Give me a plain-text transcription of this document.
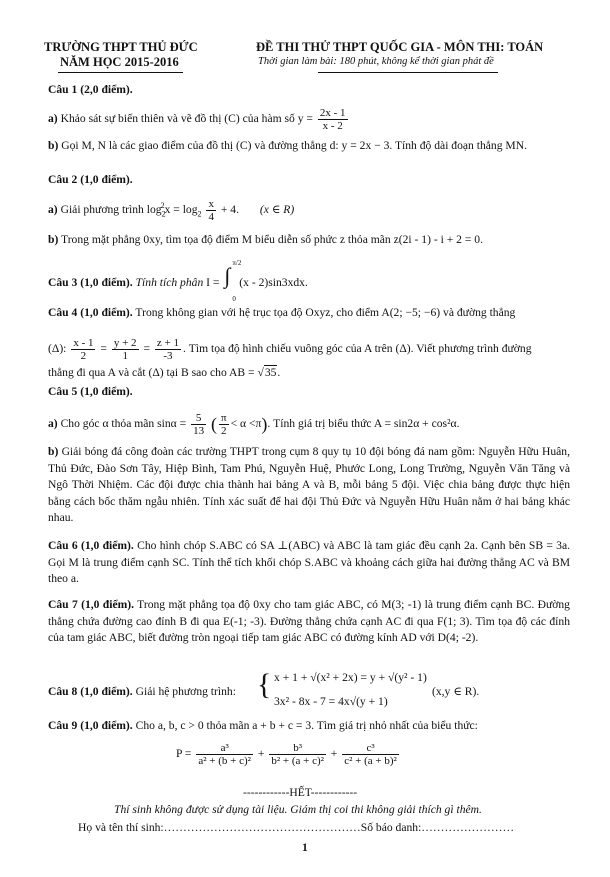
TRƯỜNG THPT THỦ ĐỨC
NĂM HỌC 2015-2016
ĐỀ THI THỬ THPT QUỐC GIA - MÔN THI: TOÁN
Thời gian làm bài: 180 phút, không kể thời gian phát đề
Câu 1 (2,0 điểm).
a) Khảo sát sự biến thiên và vẽ đồ thị (C) của hàm số $y = \frac{2x - 1}{x - 2}$
b) Gọi M, N là các giao điểm của đồ thị (C) và đường thẳng d: y = 2x − 3. Tính độ dài đoạn thẳng MN.
Câu 2 (1,0 điểm).
a) Giải phương trình $\log_2^2x = \log_2 \frac{x}{4} + 4$. (x ∈ R)
b) Trong mặt phẳng 0xy, tìm tọa độ điểm M biểu diễn số phức z thỏa mãn z(2i - 1) - i + 2 = 0.
Câu 3 (1,0 điểm). Tính tích phân I = ∫ π/2
0
(x - 2)sin3xdx.
Câu 4 (1,0 điểm). Trong không gian với hệ trục tọa độ Oxyz, cho điểm A(2; −5; −6) và đường thẳng
(Δ): $\frac{x - 1}{2} = \frac{y + 2}{1} = \frac{z + 1}{-3}$ . Tìm tọa độ hình chiếu vuông góc của A trên (Δ). Viết phương trình đường
thẳng đi qua A và cắt (Δ) tại B sao cho AB = √35.
Câu 5 (1,0 điểm).
a) Cho góc α thỏa mãn $\sin\alpha = \frac{5}{13}$ ( $\frac{\pi}{2} < \alpha <\pi$). Tính giá trị biểu thức A = sin2α + cos²α.
b) Giải bóng đá công đoàn các trường THPT trong cụm 8 quy tụ 10 đội bóng đá nam gồm: Nguyễn Hữu Huân, Thủ Đức, Đào Sơn Tây, Hiệp Bình, Tam Phú, Nguyễn Huệ, Phước Long, Long Trường, Nguyễn Văn Tăng và Ngô Thời Nhiệm. Các đội được chia thành hai bảng A và B, mỗi bảng 5 đội. Việc chia bảng được thực hiện bằng cách bốc thăm ngẫu nhiên. Tính xác suất để hai đội Thủ Đức và Nguyễn Hữu Huân nằm ở hai bảng khác nhau.
Câu 6 (1,0 điểm). Cho hình chóp S.ABC có SA ⊥(ABC) và ABC là tam giác đều cạnh 2a. Cạnh bên SB = 3a. Gọi M là trung điểm cạnh SC. Tính thể tích khối chóp S.ABC và khoảng cách giữa hai đường thẳng AC và BM theo a.
Câu 7 (1,0 điểm). Trong mặt phẳng tọa độ 0xy cho tam giác ABC, có M(3; -1) là trung điểm cạnh BC. Đường thẳng chứa đường cao đỉnh B đi qua E(-1; -3). Đường thẳng chứa cạnh AC đi qua F(1; 3). Tìm tọa độ các đỉnh của tam giác ABC, biết đường tròn ngoại tiếp tam giác ABC có đường kính AD với D(4; -2).
Câu 8 (1,0 điểm). Giải hệ phương trình: { x + 1 + √(x² + 2x) = y + √(y² - 1)
3x² - 8x - 7 = 4x√(y + 1)
(x,y ∈ R).
Câu 9 (1,0 điểm). Cho a, b, c > 0 thỏa mãn a + b + c = 3. Tìm giá trị nhỏ nhất của biểu thức:
$P = \frac{\text{a³}}{\text{a² + (b + c)²}} + \frac{\text{b³}}{\text{b² + (a + c)²}} + \frac{\text{c³}}{\text{c² + (a + b)²}}$
------------HẾT------------
Thí sinh không được sử dụng tài liệu. Giám thị coi thi không giải thích gì thêm.
Họ và tên thí sinh:……………………………………………Số báo danh:……………………
1
